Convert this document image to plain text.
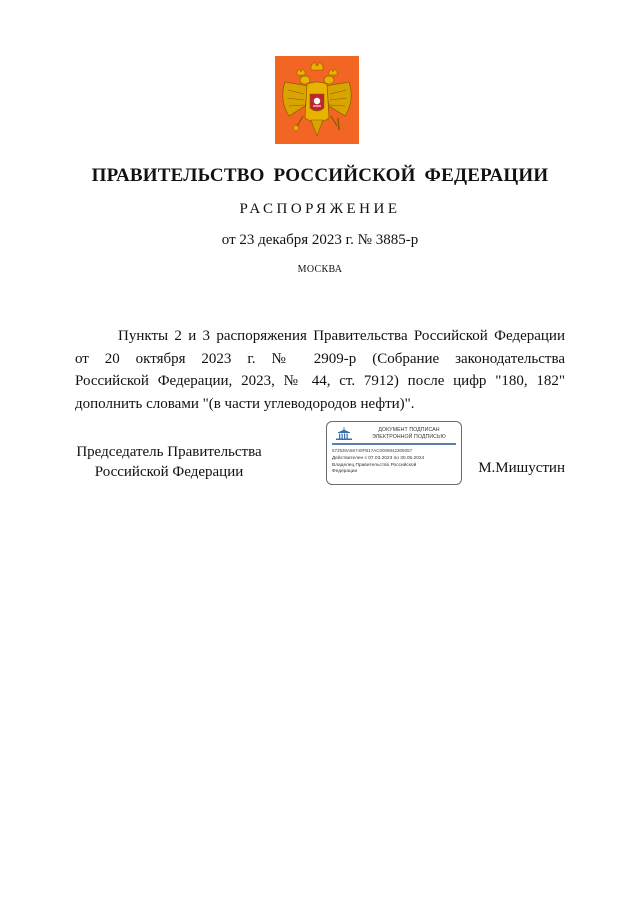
ПРАВИТЕЛЬСТВО РОССИЙСКОЙ ФЕДЕРАЦИИ
РАСПОРЯЖЕНИЕ
от 23 декабря 2023 г. № 3885-р
МОСКВА
Пункты 2 и 3 распоряжения Правительства Российской Федерации
от 20 октября 2023 г. № 2909-р (Собрание законодательства
Российской Федерации, 2023, № 44, ст. 7912) после цифр "180, 182"
дополнить словами "(в части углеводородов нефти)".
Председатель Правительства
Российской Федерации
ДОКУМЕНТ ПОДПИСАН
ЭЛЕКТРОННОЙ ПОДПИСЬЮ
572530A66740FB17AC0008842309057
Действителен с 07.03.2023 по 30.05.2024
Владелец Правительство Российской
Федерации	М.Мишустин
